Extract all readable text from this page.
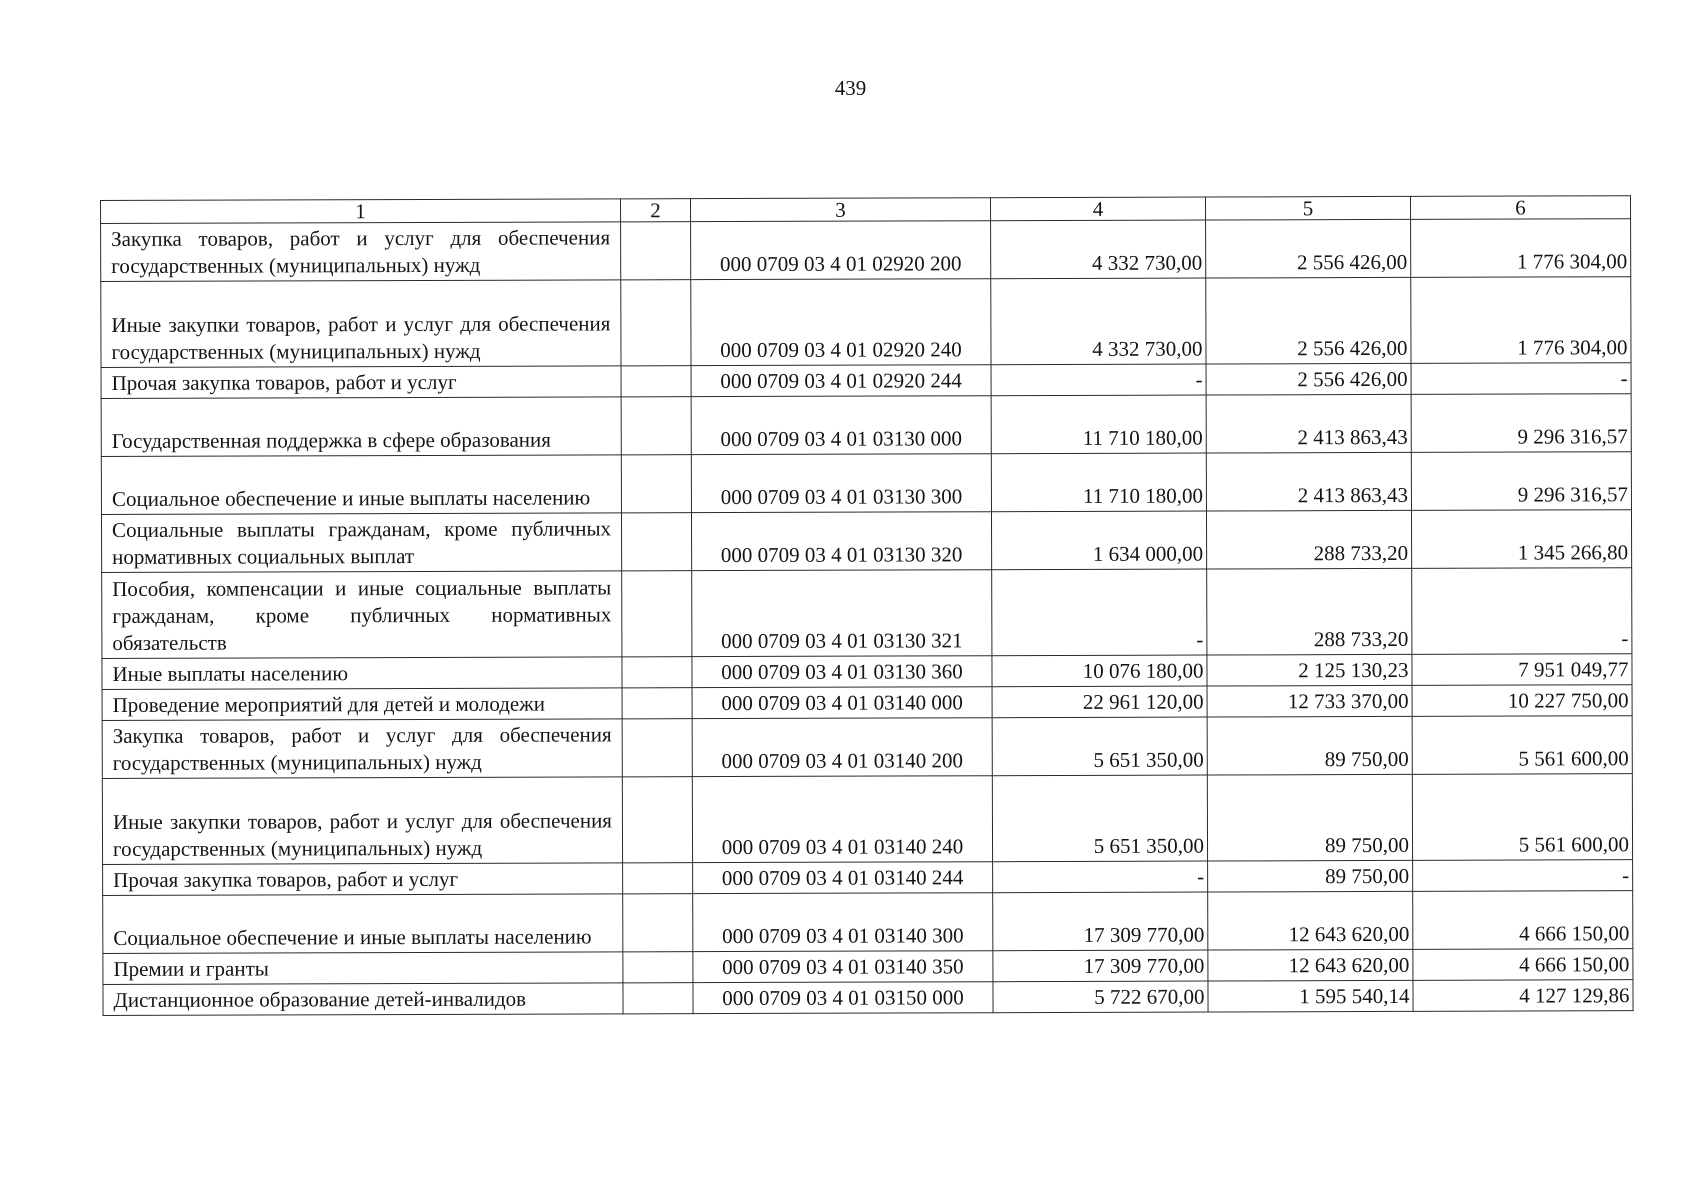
439
1	2	3	4	5	6
Закупка товаров, работ и услуг для обеспечения государственных (муниципальных) нужд		000 0709 03 4 01 02920 200	4 332 730,00	2 556 426,00	1 776 304,00
Иные закупки товаров, работ и услуг для обеспечения государственных (муниципальных) нужд		000 0709 03 4 01 02920 240	4 332 730,00	2 556 426,00	1 776 304,00
Прочая закупка товаров, работ и услуг		000 0709 03 4 01 02920 244	-	2 556 426,00	-
Государственная поддержка в сфере образования		000 0709 03 4 01 03130 000	11 710 180,00	2 413 863,43	9 296 316,57
Социальное обеспечение и иные выплаты населению		000 0709 03 4 01 03130 300	11 710 180,00	2 413 863,43	9 296 316,57
Социальные выплаты гражданам, кроме публичных нормативных социальных выплат		000 0709 03 4 01 03130 320	1 634 000,00	288 733,20	1 345 266,80
Пособия, компенсации и иные социальные выплаты гражданам, кроме публичных нормативных обязательств		000 0709 03 4 01 03130 321	-	288 733,20	-
Иные выплаты населению		000 0709 03 4 01 03130 360	10 076 180,00	2 125 130,23	7 951 049,77
Проведение мероприятий для детей и молодежи		000 0709 03 4 01 03140 000	22 961 120,00	12 733 370,00	10 227 750,00
Закупка товаров, работ и услуг для обеспечения государственных (муниципальных) нужд		000 0709 03 4 01 03140 200	5 651 350,00	89 750,00	5 561 600,00
Иные закупки товаров, работ и услуг для обеспечения государственных (муниципальных) нужд		000 0709 03 4 01 03140 240	5 651 350,00	89 750,00	5 561 600,00
Прочая закупка товаров, работ и услуг		000 0709 03 4 01 03140 244	-	89 750,00	-
Социальное обеспечение и иные выплаты населению		000 0709 03 4 01 03140 300	17 309 770,00	12 643 620,00	4 666 150,00
Премии и гранты		000 0709 03 4 01 03140 350	17 309 770,00	12 643 620,00	4 666 150,00
Дистанционное образование детей-инвалидов		000 0709 03 4 01 03150 000	5 722 670,00	1 595 540,14	4 127 129,86
